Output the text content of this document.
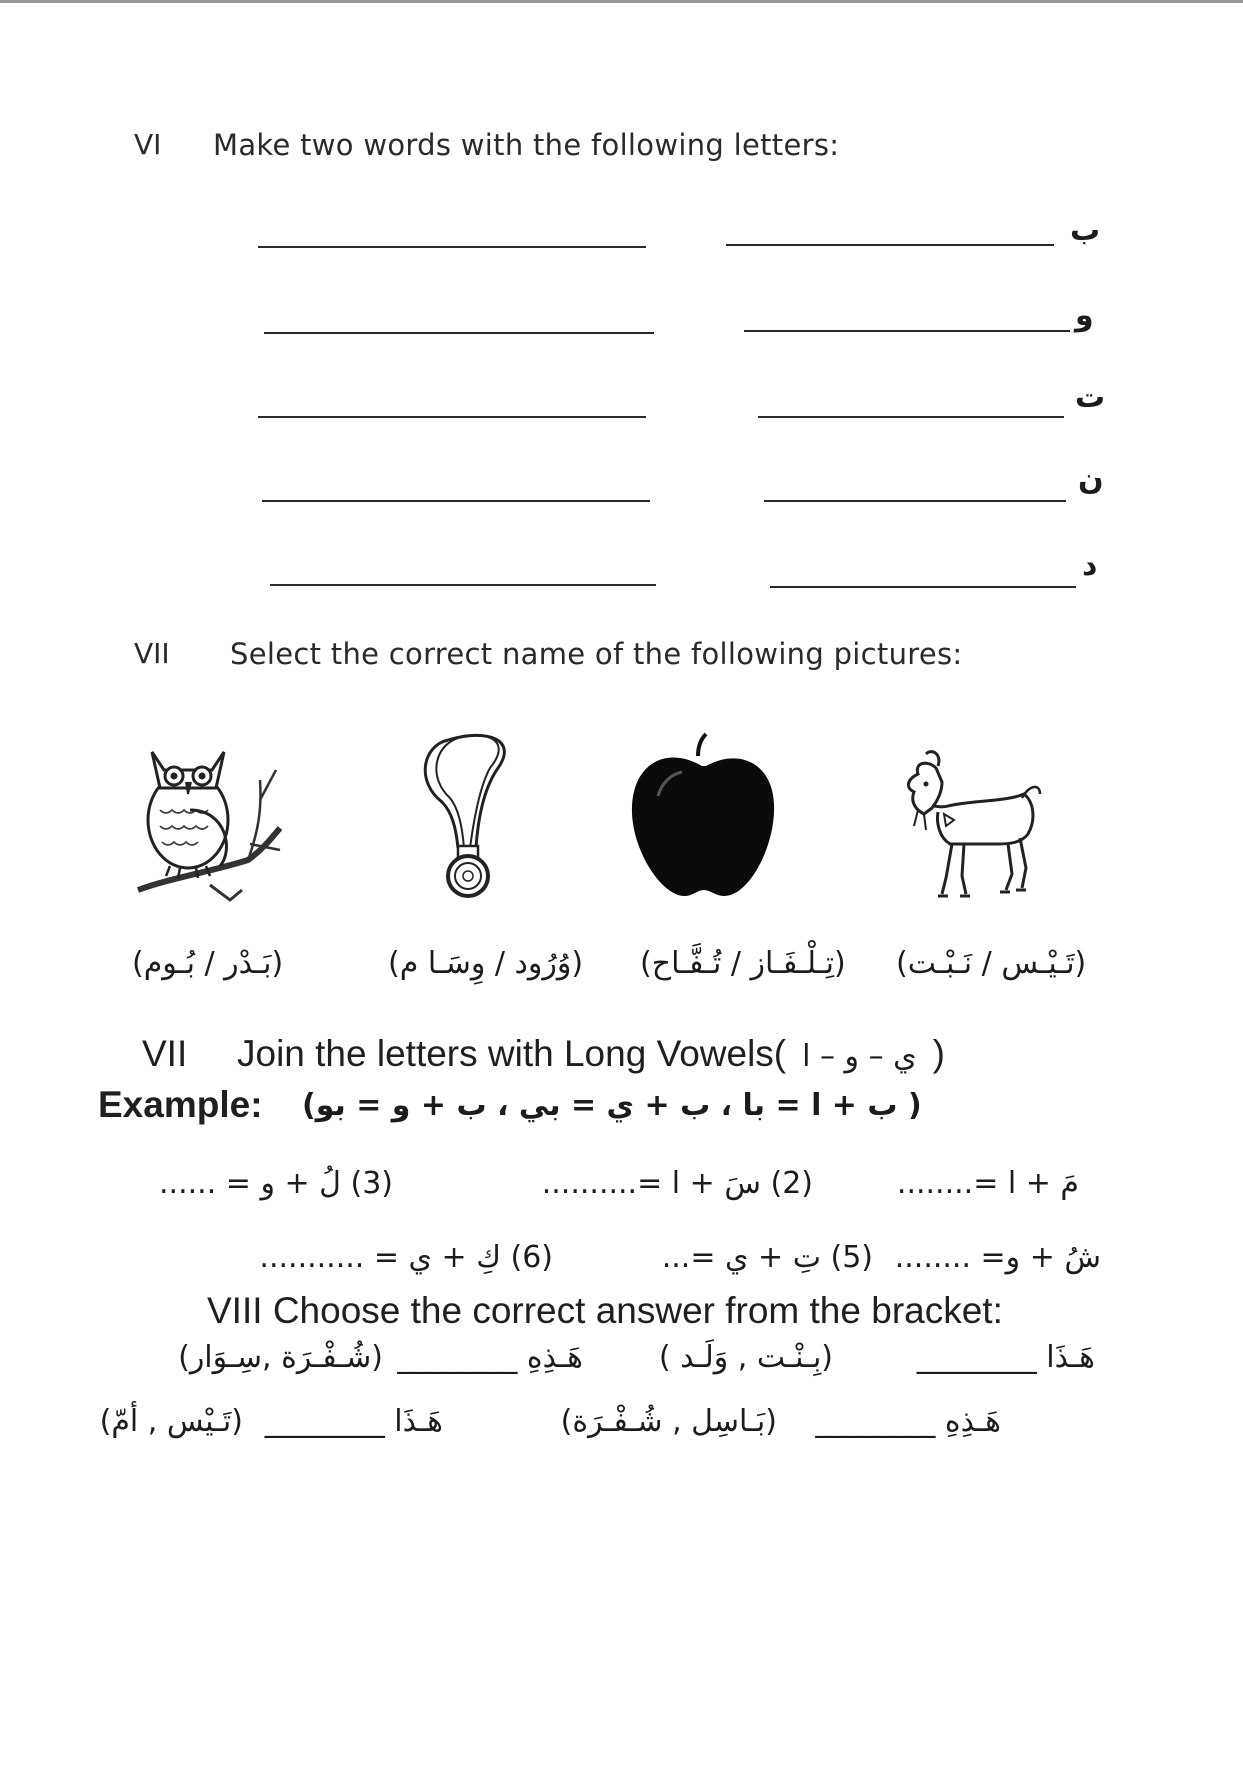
VI Make two words with the following letters:
ب
و
ت
ن
د
VII Select the correct name of the following pictures:
(بَـدْر / بُـوم)	(وُرُود / وِسَـا م) (تِـلْـفَـاز / تُـفَّـاح) (تَـيْـس / نَـبْـت)
VII Join the letters with Long Vowels( ي – و – ا )
Example: ( ب + ا = با ، ب + ي = بي ، ب + و = بو)
مَ + ا =........
(2) سَ + ا =..........
(3) لُ + و = ......
شُ + و= ........
(5) تِ + ي =...
(6) كِ + ي = ...........
VIII Choose the correct answer from the bracket:
هَـذَا ________
(بِـنْـت , وَلَـد )
هَـذِهِ ________
(شُـفْـرَة ,سِـوَار)
هَـذِهِ ________
(بَـاسِل , شُـفْـرَة)
هَـذَا ________
(تَـيْس , أمّ)
